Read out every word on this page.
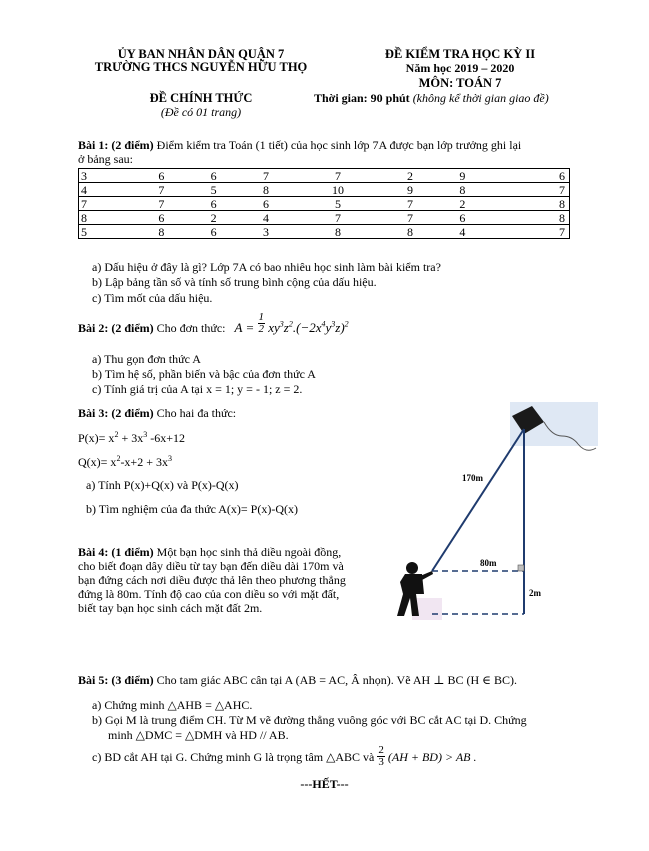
ỦY BAN NHÂN DÂN QUẬN 7
TRƯỜNG THCS NGUYỄN HỮU THỌ
ĐỀ CHÍNH THỨC
(Đề có 01 trang)
ĐỀ KIỂM TRA HỌC KỲ II
Năm học 2019 – 2020
MÔN: TOÁN 7
Thời gian: 90 phút (không kể thời gian giao đề)
Bài 1: (2 điểm) Điểm kiểm tra Toán (1 tiết) của học sinh lớp 7A được bạn lớp trưởng ghi lại
ở bảng sau:
3	6	6	7	7	2	9	6
4	7	5	8	10	9	8	7
7	7	6	6	5	7	2	8
8	6	2	4	7	7	6	8
5	8	6	3	8	8	4	7
a) Dấu hiệu ở đây là gì? Lớp 7A có bao nhiêu học sinh làm bài kiểm tra?
b) Lập bảng tần số và tính số trung bình cộng của dấu hiệu.
c) Tìm mốt của dấu hiệu.
Bài 2: (2 điểm) Cho đơn thức: $A = \frac{1}{2} xy^3z^2.(-2x^4y^3z)^2$
a) Thu gọn đơn thức A
b) Tìm hệ số, phần biến và bậc của đơn thức A
c) Tính giá trị của A tại x = 1; y = - 1; z = 2.
Bài 3: (2 điểm) Cho hai đa thức:
$P(x)= x^2 + 3x^3$ -6x+12
$Q(x)= x^2-x+2 + 3x^3$
a) Tính P(x)+Q(x) và P(x)-Q(x)
b) Tìm nghiệm của đa thức A(x)= P(x)-Q(x)
170m
80m
2m
Bài 4: (1 điểm) Một bạn học sinh thả diều ngoài đồng,
cho biết đoạn dây diều từ tay bạn đến diều dài 170m và
bạn đứng cách nơi diều được thả lên theo phương thẳng
đứng là 80m. Tính độ cao của con diều so với mặt đất,
biết tay bạn học sinh cách mặt đất 2m.
Bài 5: (3 điểm) Cho tam giác ABC cân tại A (AB = AC, Â nhọn). Vẽ AH ⊥ BC (H ∈ BC).
a) Chứng minh △AHB = △AHC.
b) Gọi M là trung điểm CH. Từ M vẽ đường thẳng vuông góc với BC cắt AC tại D. Chứng
minh △DMC = △DMH và HD // AB.
c) BD cắt AH tại G. Chứng minh G là trọng tâm △ABC và $\frac{2}{3} (AH + BD)$ > AB .
---HẾT---
